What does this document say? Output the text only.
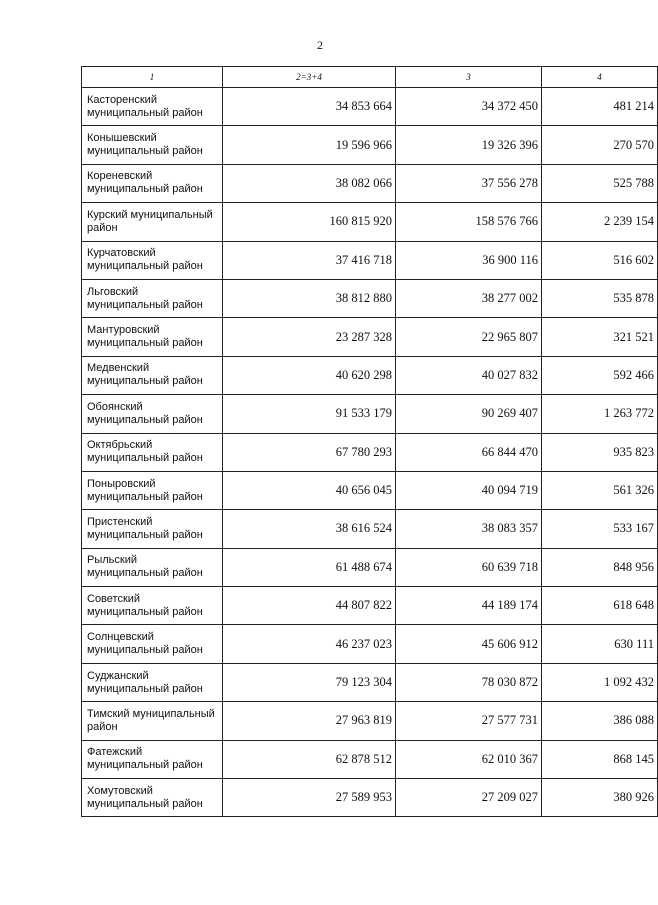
2
1	2=3+4	3	4
Касторенский муниципальный район	34 853 664	34 372 450	481 214
Конышевский муниципальный район	19 596 966	19 326 396	270 570
Кореневский муниципальный район	38 082 066	37 556 278	525 788
Курский муниципальный район	160 815 920	158 576 766	2 239 154
Курчатовский муниципальный район	37 416 718	36 900 116	516 602
Льговский муниципальный район	38 812 880	38 277 002	535 878
Мантуровский муниципальный район	23 287 328	22 965 807	321 521
Медвенский муниципальный район	40 620 298	40 027 832	592 466
Обоянский муниципальный район	91 533 179	90 269 407	1 263 772
Октябрьский муниципальный район	67 780 293	66 844 470	935 823
Поныровский муниципальный район	40 656 045	40 094 719	561 326
Пристенский муниципальный район	38 616 524	38 083 357	533 167
Рыльский муниципальный район	61 488 674	60 639 718	848 956
Советский муниципальный район	44 807 822	44 189 174	618 648
Солнцевский муниципальный район	46 237 023	45 606 912	630 111
Суджанский муниципальный район	79 123 304	78 030 872	1 092 432
Тимский муниципальный район	27 963 819	27 577 731	386 088
Фатежский муниципальный район	62 878 512	62 010 367	868 145
Хомутовский муниципальный район	27 589 953	27 209 027	380 926
